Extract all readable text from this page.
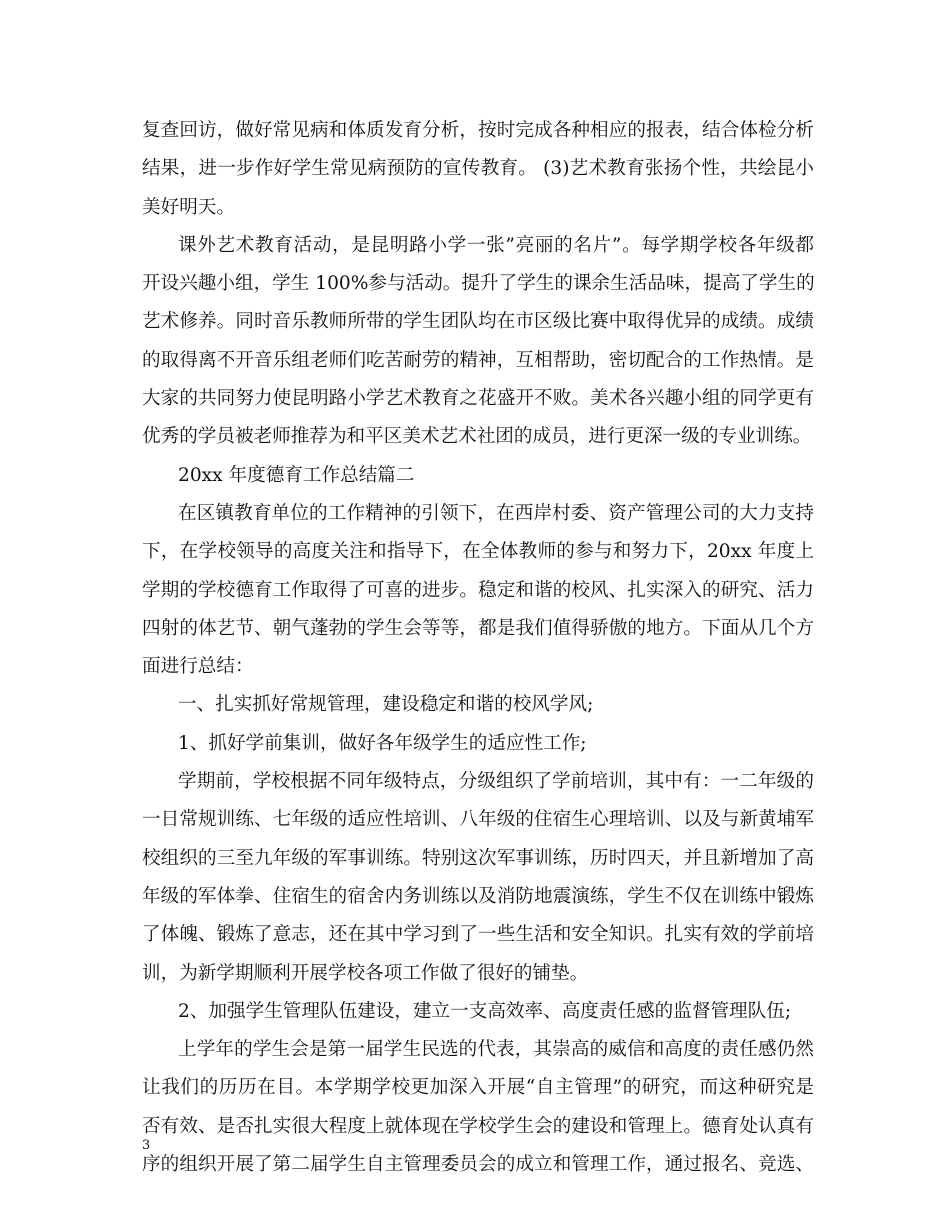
复查回访，做好常见病和体质发育分析，按时完成各种相应的报表，结合体检分析
结果，进一步作好学生常见病预防的宣传教育。 (3)艺术教育张扬个性，共绘昆小
美好明天。
课外艺术教育活动，是昆明路小学一张”亮丽的名片”。每学期学校各年级都
开设兴趣小组，学生 100%参与活动。提升了学生的课余生活品味，提高了学生的
艺术修养。同时音乐教师所带的学生团队均在市区级比赛中取得优异的成绩。成绩
的取得离不开音乐组老师们吃苦耐劳的精神，互相帮助，密切配合的工作热情。是
大家的共同努力使昆明路小学艺术教育之花盛开不败。美术各兴趣小组的同学更有
优秀的学员被老师推荐为和平区美术艺术社团的成员，进行更深一级的专业训练。
20xx 年度德育工作总结篇二
在区镇教育单位的工作精神的引领下，在西岸村委、资产管理公司的大力支持
下，在学校领导的高度关注和指导下，在全体教师的参与和努力下，20xx 年度上
学期的学校德育工作取得了可喜的进步。稳定和谐的校风、扎实深入的研究、活力
四射的体艺节、朝气蓬勃的学生会等等，都是我们值得骄傲的地方。下面从几个方
面进行总结：
一、扎实抓好常规管理，建设稳定和谐的校风学风;
1、抓好学前集训，做好各年级学生的适应性工作;
学期前，学校根据不同年级特点，分级组织了学前培训，其中有：一二年级的
一日常规训练、七年级的适应性培训、八年级的住宿生心理培训、以及与新黄埔军
校组织的三至九年级的军事训练。特别这次军事训练，历时四天，并且新增加了高
年级的军体拳、住宿生的宿舍内务训练以及消防地震演练，学生不仅在训练中锻炼
了体魄、锻炼了意志，还在其中学习到了一些生活和安全知识。扎实有效的学前培
训，为新学期顺利开展学校各项工作做了很好的铺垫。
2、加强学生管理队伍建设，建立一支高效率、高度责任感的监督管理队伍;
上学年的学生会是第一届学生民选的代表，其崇高的威信和高度的责任感仍然
让我们的历历在目。本学期学校更加深入开展“自主管理”的研究，而这种研究是
否有效、是否扎实很大程度上就体现在学校学生会的建设和管理上。德育处认真有
序的组织开展了第二届学生自主管理委员会的成立和管理工作，通过报名、竞选、
3
